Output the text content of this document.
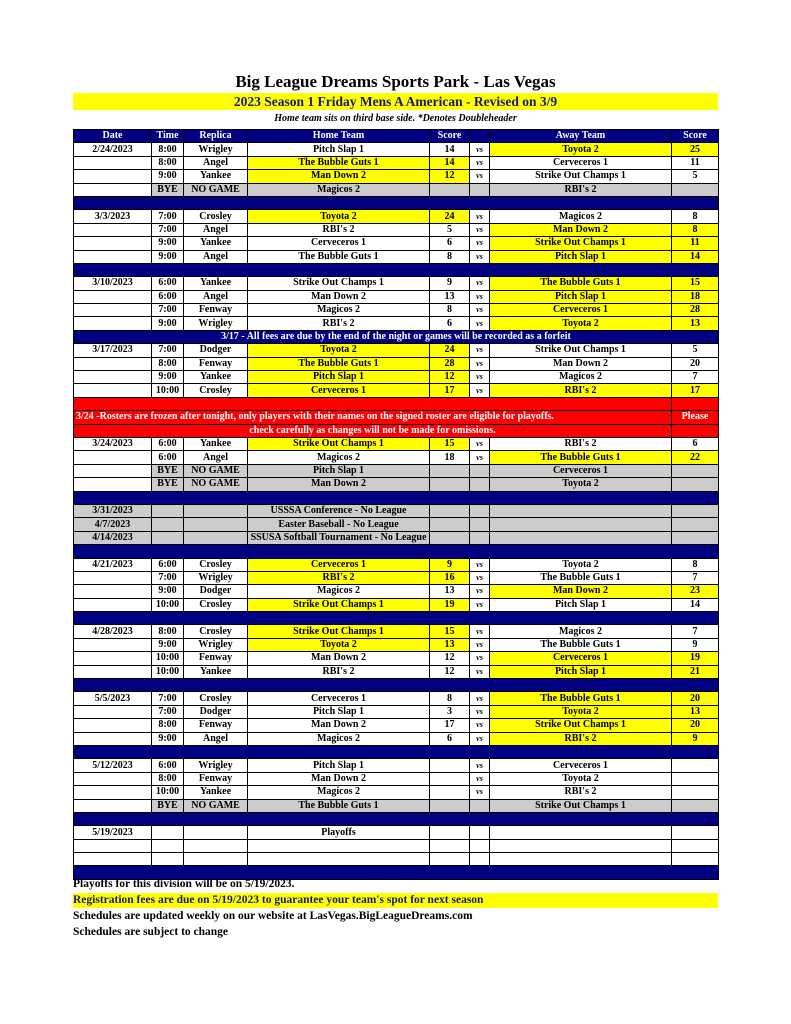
Big League Dreams Sports Park - Las Vegas
2023 Season 1 Friday Mens A American - Revised on 3/9
Home team sits on third base side. *Denotes Doubleheader
Date	Time	Replica	Home Team	Score		Away Team	Score
2/24/2023	8:00	Wrigley	Pitch Slap 1	14	vs	Toyota 2	25
	8:00	Angel	The Bubble Guts 1	14	vs	Cerveceros 1	11
	9:00	Yankee	Man Down 2	12	vs	Strike Out Champs 1	5
	BYE	NO GAME	Magicos 2			RBI's 2	

3/3/2023	7:00	Crosley	Toyota 2	24	vs	Magicos 2	8
	7:00	Angel	RBI's 2	5	vs	Man Down 2	8
	9:00	Yankee	Cerveceros 1	6	vs	Strike Out Champs 1	11
	9:00	Angel	The Bubble Guts 1	8	vs	Pitch Slap 1	14

3/10/2023	6:00	Yankee	Strike Out Champs 1	9	vs	The Bubble Guts 1	15
	6:00	Angel	Man Down 2	13	vs	Pitch Slap 1	18
	7:00	Fenway	Magicos 2	8	vs	Cerveceros 1	28
	9:00	Wrigley	RBI's 2	6	vs	Toyota 2	13
3/17 - All fees are due by the end of the night or games will be recorded as a forfeit							
3/17/2023	7:00	Dodger	Toyota 2	24	vs	Strike Out Champs 1	5
	8:00	Fenway	The Bubble Guts 1	28	vs	Man Down 2	20
	9:00	Yankee	Pitch Slap 1	12	vs	Magicos 2	7
	10:00	Crosley	Cerveceros 1	17	vs	RBI's 2	17

3/24 -Rosters are frozen after tonight, only players with their names on the signed roster are eligible for playoffs.							Please
check carefully as changes will not be made for omissions.							
3/24/2023	6:00	Yankee	Strike Out Champs 1	15	vs	RBI's 2	6
	6:00	Angel	Magicos 2	18	vs	The Bubble Guts 1	22
	BYE	NO GAME	Pitch Slap 1			Cerveceros 1	
	BYE	NO GAME	Man Down 2			Toyota 2	

3/31/2023			USSSA Conference - No League				
4/7/2023			Easter Baseball - No League				
4/14/2023			SSUSA Softball Tournament - No League				

4/21/2023	6:00	Crosley	Cerveceros 1	9	vs	Toyota 2	8
	7:00	Wrigley	RBI's 2	16	vs	The Bubble Guts 1	7
	9:00	Dodger	Magicos 2	13	vs	Man Down 2	23
	10:00	Crosley	Strike Out Champs 1	19	vs	Pitch Slap 1	14

4/28/2023	8:00	Crosley	Strike Out Champs 1	15	vs	Magicos 2	7
	9:00	Wrigley	Toyota 2	13	vs	The Bubble Guts 1	9
	10:00	Fenway	Man Down 2	12	vs	Cerveceros 1	19
	10:00	Yankee	RBI's 2	12	vs	Pitch Slap 1	21

5/5/2023	7:00	Crosley	Cerveceros 1	8	vs	The Bubble Guts 1	20
	7:00	Dodger	Pitch Slap 1	3	vs	Toyota 2	13
	8:00	Fenway	Man Down 2	17	vs	Strike Out Champs 1	20
	9:00	Angel	Magicos 2	6	vs	RBI's 2	9

5/12/2023	6:00	Wrigley	Pitch Slap 1		vs	Cerveceros 1	
	8:00	Fenway	Man Down 2		vs	Toyota 2	
	10:00	Yankee	Magicos 2		vs	RBI's 2	
	BYE	NO GAME	The Bubble Guts 1			Strike Out Champs 1	

5/19/2023			Playoffs				

Playoffs for this division will be on 5/19/2023.
Registration fees are due on 5/19/2023 to guarantee your team's spot for next season
Schedules are updated weekly on our website at LasVegas.BigLeagueDreams.com
Schedules are subject to change
